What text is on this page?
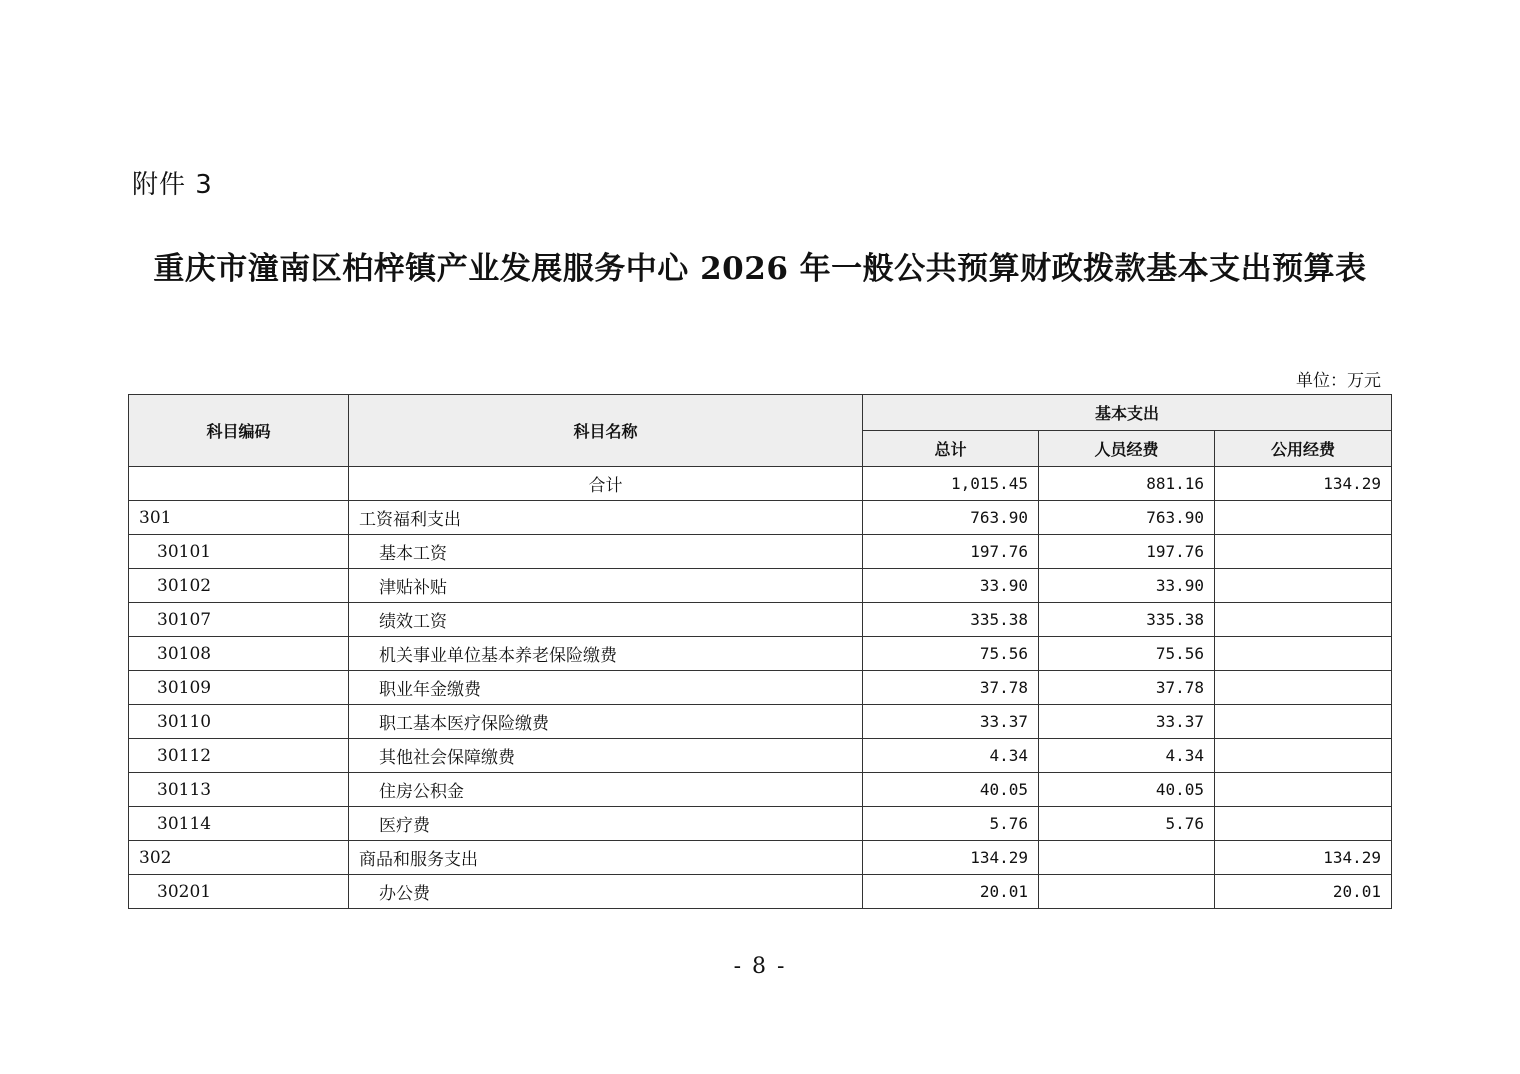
附件 3
重庆市潼南区柏梓镇产业发展服务中心 2026 年一般公共预算财政拨款基本支出预算表
单位：万元
科目编码	科目名称	基本支出		
		总计	人员经费	公用经费
	合计	1,015.45	881.16	134.29
301	工资福利支出	763.90	763.90	
30101	基本工资	197.76	197.76	
30102	津贴补贴	33.90	33.90	
30107	绩效工资	335.38	335.38	
30108	机关事业单位基本养老保险缴费	75.56	75.56	
30109	职业年金缴费	37.78	37.78	
30110	职工基本医疗保险缴费	33.37	33.37	
30112	其他社会保障缴费	4.34	4.34	
30113	住房公积金	40.05	40.05	
30114	医疗费	5.76	5.76	
302	商品和服务支出	134.29		134.29
30201	办公费	20.01		20.01
- 8 -
